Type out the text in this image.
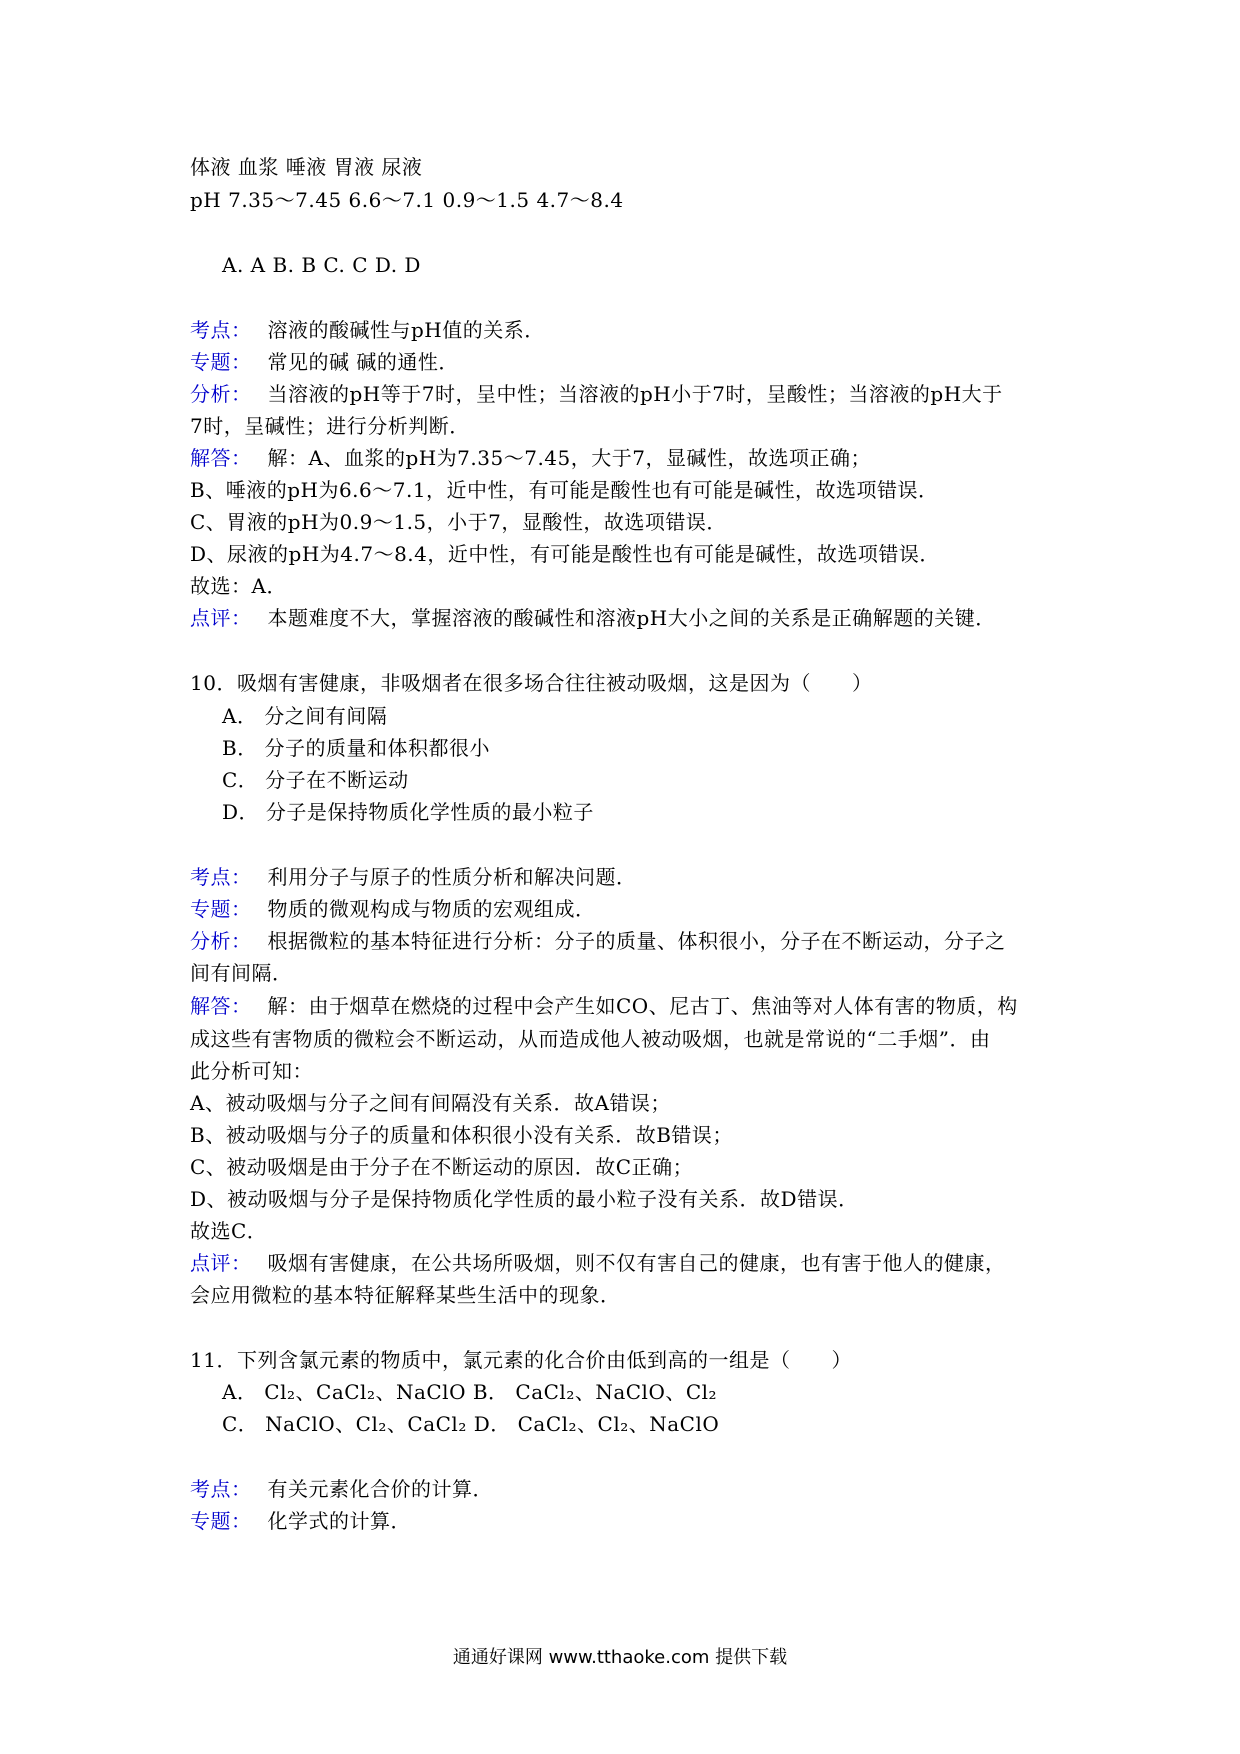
体液 血浆 唾液 胃液 尿液
pH 7.35～7.45 6.6～7.1 0.9～1.5 4.7～8.4
A. A B. B C. C D. D
考点： 溶液的酸碱性与pH值的关系．
专题： 常见的碱 碱的通性．
分析： 当溶液的pH等于7时，呈中性；当溶液的pH小于7时，呈酸性；当溶液的pH大于
7时，呈碱性；进行分析判断．
解答： 解：A、血浆的pH为7.35～7.45，大于7，显碱性，故选项正确；
B、唾液的pH为6.6～7.1，近中性，有可能是酸性也有可能是碱性，故选项错误．
C、胃液的pH为0.9～1.5，小于7，显酸性，故选项错误．
D、尿液的pH为4.7～8.4，近中性，有可能是酸性也有可能是碱性，故选项错误．
故选：A．
点评： 本题难度不大，掌握溶液的酸碱性和溶液pH大小之间的关系是正确解题的关键．
10．吸烟有害健康，非吸烟者在很多场合往往被动吸烟，这是因为（　　）
A． 分之间有间隔
B． 分子的质量和体积都很小
C． 分子在不断运动
D． 分子是保持物质化学性质的最小粒子
考点： 利用分子与原子的性质分析和解决问题．
专题： 物质的微观构成与物质的宏观组成．
分析： 根据微粒的基本特征进行分析：分子的质量、体积很小，分子在不断运动，分子之
间有间隔．
解答： 解：由于烟草在燃烧的过程中会产生如CO、尼古丁、焦油等对人体有害的物质，构
成这些有害物质的微粒会不断运动，从而造成他人被动吸烟，也就是常说的“二手烟”．由
此分析可知：
A、被动吸烟与分子之间有间隔没有关系．故A错误；
B、被动吸烟与分子的质量和体积很小没有关系．故B错误；
C、被动吸烟是由于分子在不断运动的原因．故C正确；
D、被动吸烟与分子是保持物质化学性质的最小粒子没有关系．故D错误．
故选C．
点评： 吸烟有害健康，在公共场所吸烟，则不仅有害自己的健康，也有害于他人的健康，
会应用微粒的基本特征解释某些生活中的现象．
11．下列含氯元素的物质中，氯元素的化合价由低到高的一组是（　　）
A． Cl₂、CaCl₂、NaClO B． CaCl₂、NaClO、Cl₂
C． NaClO、Cl₂、CaCl₂ D． CaCl₂、Cl₂、NaClO
考点： 有关元素化合价的计算．
专题： 化学式的计算．
通通好课网 www.tthaoke.com 提供下载
